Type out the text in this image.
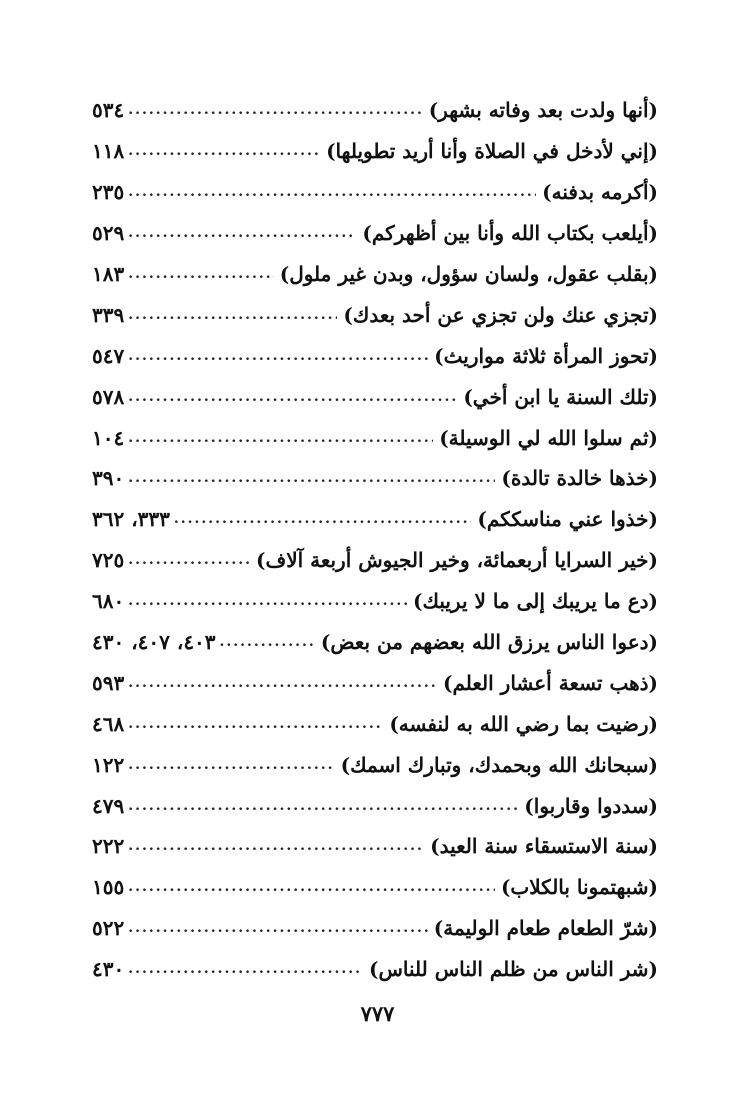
(أنها ولدت بعد وفاته بشهر)
.....
٥٣٤
(إني لأدخل في الصلاة وأنا أريد تطويلها)
.....
١١٨
(أكرمه بدفنه)
.....
٢٣٥
(أيلعب بكتاب الله وأنا بين أظهركم)
.....
٥٢٩
(بقلب عقول، ولسان سؤول، وبدن غير ملول)
.....
١٨٣
(تجزي عنك ولن تجزي عن أحد بعدك)
.....
٣٣٩
(تحوز المرأة ثلاثة مواريث)
.....
٥٤٧
(تلك السنة يا ابن أخي)
.....
٥٧٨
(ثم سلوا الله لي الوسيلة)
.....
١٠٤
(خذها خالدة تالدة)
.....
٣٩٠
(خذوا عني مناسككم)
.....
٣٣٣، ٣٦٢
(خير السرايا أربعمائة، وخير الجيوش أربعة آلاف)
.....
٧٢٥
(دع ما يريبك إلى ما لا يريبك)
.....
٦٨٠
(دعوا الناس يرزق الله بعضهم من بعض)
.....
٤٠٣، ٤٠٧، ٤٣٠
(ذهب تسعة أعشار العلم)
.....
٥٩٣
(رضيت بما رضي الله به لنفسه)
.....
٤٦٨
(سبحانك الله وبحمدك، وتبارك اسمك)
.....
١٢٢
(سددوا وقاربوا)
.....
٤٧٩
(سنة الاستسقاء سنة العيد)
.....
٢٢٢
(شبهتمونا بالكلاب)
.....
١٥٥
(شرّ الطعام طعام الوليمة)
.....
٥٢٢
(شر الناس من ظلم الناس للناس)
.....
٤٣٠
٧٧٧
